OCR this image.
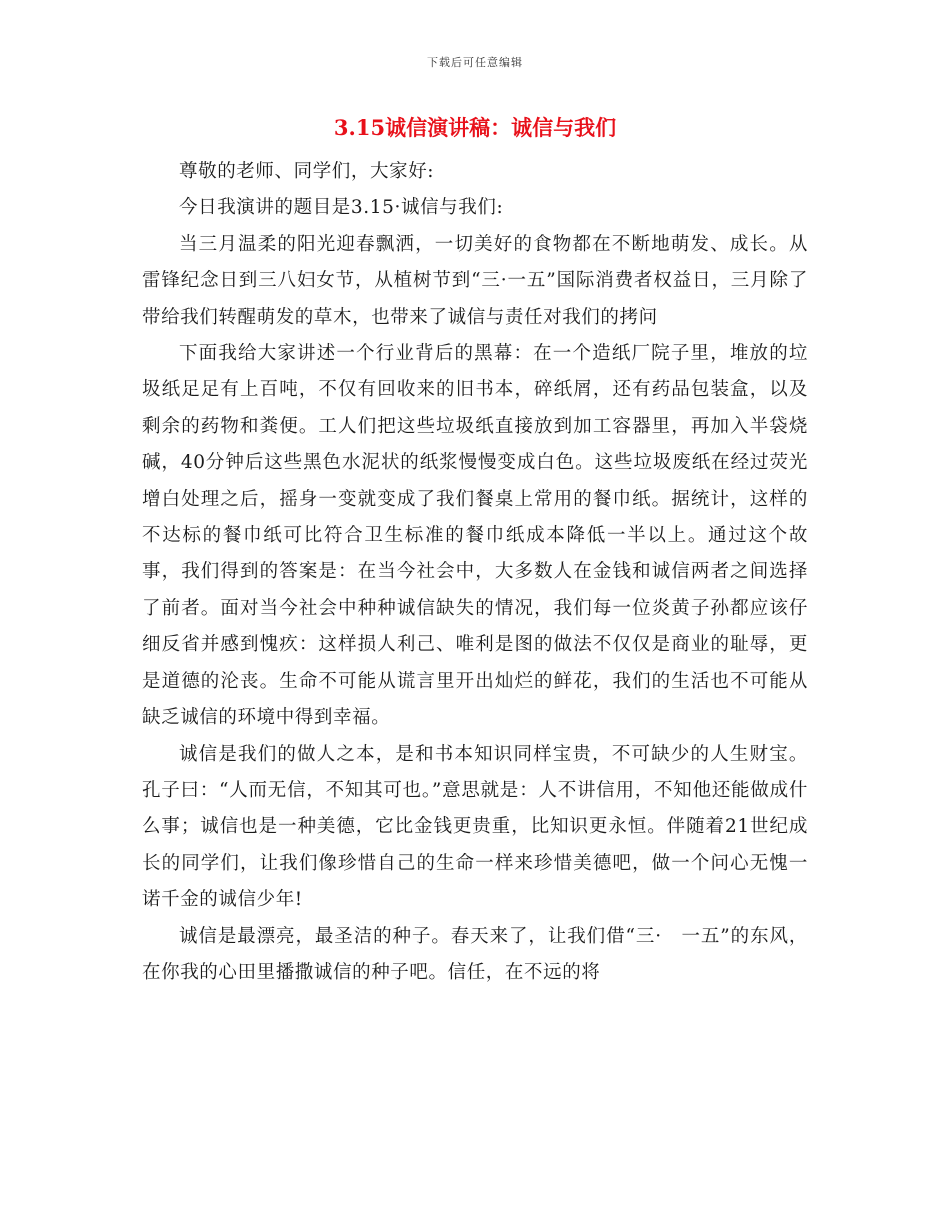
下载后可任意编辑
3.15诚信演讲稿：诚信与我们

尊敬的老师、同学们，大家好:

今日我演讲的题目是3.15·诚信与我们:

当三月温柔的阳光迎春飘洒，一切美好的食物都在不断地萌发、成长。从雷锋纪念日到三八妇女节，从植树节到“三·一五”国际消费者权益日，三月除了带给我们转醒萌发的草木，也带来了诚信与责任对我们的拷问

下面我给大家讲述一个行业背后的黑幕：在一个造纸厂院子里，堆放的垃圾纸足足有上百吨，不仅有回收来的旧书本，碎纸屑，还有药品包装盒，以及剩余的药物和粪便。工人们把这些垃圾纸直接放到加工容器里，再加入半袋烧碱，40分钟后这些黑色水泥状的纸浆慢慢变成白色。这些垃圾废纸在经过荧光增白处理之后，摇身一变就变成了我们餐桌上常用的餐巾纸。据统计，这样的不达标的餐巾纸可比符合卫生标准的餐巾纸成本降低一半以上。通过这个故事，我们得到的答案是：在当今社会中，大多数人在金钱和诚信两者之间选择了前者。面对当今社会中种种诚信缺失的情况，我们每一位炎黄子孙都应该仔细反省并感到愧疚：这样损人利己、唯利是图的做法不仅仅是商业的耻辱，更是道德的沦丧。生命不可能从谎言里开出灿烂的鲜花，我们的生活也不可能从缺乏诚信的环境中得到幸福。

诚信是我们的做人之本，是和书本知识同样宝贵，不可缺少的人生财宝。孔子曰：“人而无信，不知其可也。”意思就是：人不讲信用，不知他还能做成什么事；诚信也是一种美德，它比金钱更贵重，比知识更永恒。伴随着21世纪成长的同学们，让我们像珍惜自己的生命一样来珍惜美德吧，做一个问心无愧一诺千金的诚信少年!

诚信是最漂亮，最圣洁的种子。春天来了，让我们借“三·　一五”的东风，在你我的心田里播撒诚信的种子吧。信任，在不远的将
